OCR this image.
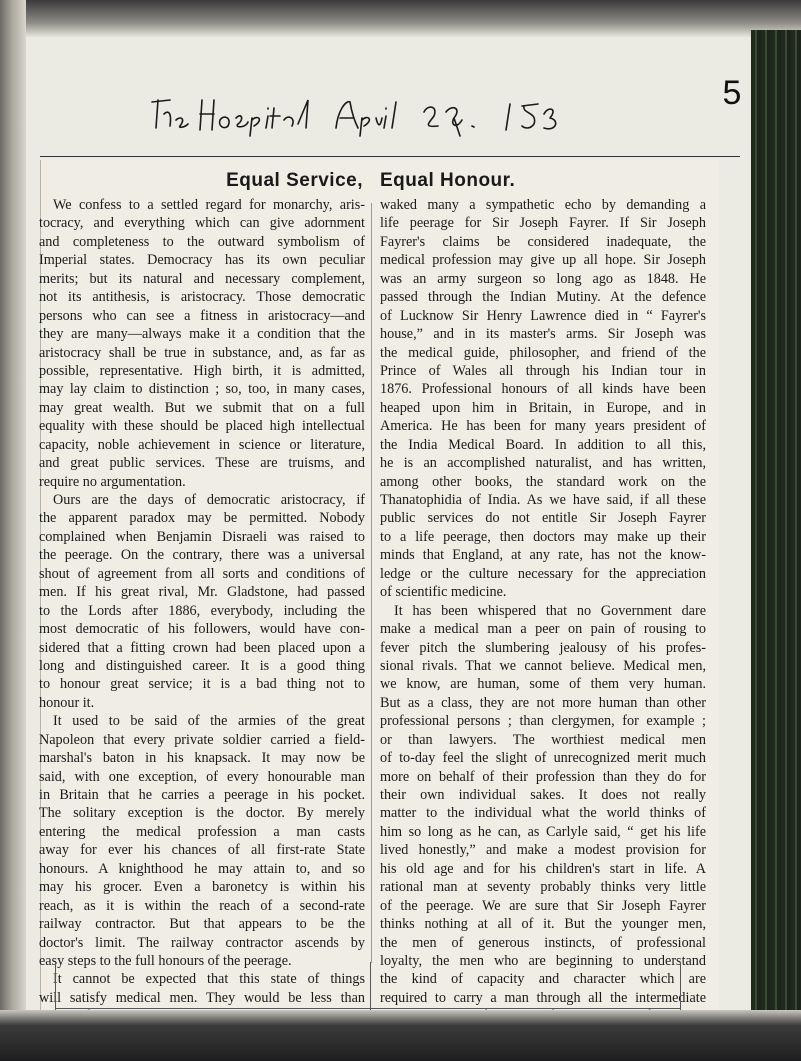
5
Equal Service,
We confess to a settled regard for monarchy, aris-
tocracy, and everything which can give adornment
and completeness to the outward symbolism of
Imperial states. Democracy has its own peculiar
merits; but its natural and necessary complement,
not its antithesis, is aristocracy. Those democratic
persons who can see a fitness in aristocracy—and
they are many—always make it a condition that the
aristocracy shall be true in substance, and, as far as
possible, representative. High birth, it is admitted,
may lay claim to distinction ; so, too, in many cases,
may great wealth. But we submit that on a full
equality with these should be placed high intellectual
capacity, noble achievement in science or literature,
and great public services. These are truisms, and
require no argumentation.
Ours are the days of democratic aristocracy, if
the apparent paradox may be permitted. Nobody
complained when Benjamin Disraeli was raised to
the peerage. On the contrary, there was a universal
shout of agreement from all sorts and conditions of
men. If his great rival, Mr. Gladstone, had passed
to the Lords after 1886, everybody, including the
most democratic of his followers, would have con-
sidered that a fitting crown had been placed upon a
long and distinguished career. It is a good thing
to honour great service; it is a bad thing not to
honour it.
It used to be said of the armies of the great
Napoleon that every private soldier carried a field-
marshal's baton in his knapsack. It may now be
said, with one exception, of every honourable man
in Britain that he carries a peerage in his pocket.
The solitary exception is the doctor. By merely
entering the medical profession a man casts
away for ever his chances of all first-rate State
honours. A knighthood he may attain to, and so
may his grocer. Even a baronetcy is within his
reach, as it is within the reach of a second-rate
railway contractor. But that appears to be the
doctor's limit. The railway contractor ascends by
easy steps to the full honours of the peerage.
It cannot be expected that this state of things
will satisfy medical men. They would be less than
Equal Honour.
waked many a sympathetic echo by demanding a
life peerage for Sir Joseph Fayrer. If Sir Joseph
Fayrer's claims be considered inadequate, the
medical profession may give up all hope. Sir Joseph
was an army surgeon so long ago as 1848. He
passed through the Indian Mutiny. At the defence
of Lucknow Sir Henry Lawrence died in “ Fayrer's
house,” and in its master's arms. Sir Joseph was
the medical guide, philosopher, and friend of the
Prince of Wales all through his Indian tour in
1876. Professional honours of all kinds have been
heaped upon him in Britain, in Europe, and in
America. He has been for many years president of
the India Medical Board. In addition to all this,
he is an accomplished naturalist, and has written,
among other books, the standard work on the
Thanatophidia of India. As we have said, if all these
public services do not entitle Sir Joseph Fayrer
to a life peerage, then doctors may make up their
minds that England, at any rate, has not the know-
ledge or the culture necessary for the appreciation
of scientific medicine.
It has been whispered that no Government dare
make a medical man a peer on pain of rousing to
fever pitch the slumbering jealousy of his profes-
sional rivals. That we cannot believe. Medical men,
we know, are human, some of them very human.
But as a class, they are not more human than other
professional persons ; than clergymen, for example ;
or than lawyers. The worthiest medical men
of to-day feel the slight of unrecognized merit much
more on behalf of their profession than they do for
their own individual sakes. It does not really
matter to the individual what the world thinks of
him so long as he can, as Carlyle said, “ get his life
lived honestly,” and make a modest provision for
his old age and for his children's start in life. A
rational man at seventy probably thinks very little
of the peerage. We are sure that Sir Joseph Fayrer
thinks nothing at all of it. But the younger men,
the men of generous instincts, of professional
loyalty, the men who are beginning to understand
the kind of capacity and character which are
required to carry a man through all the intermediate
